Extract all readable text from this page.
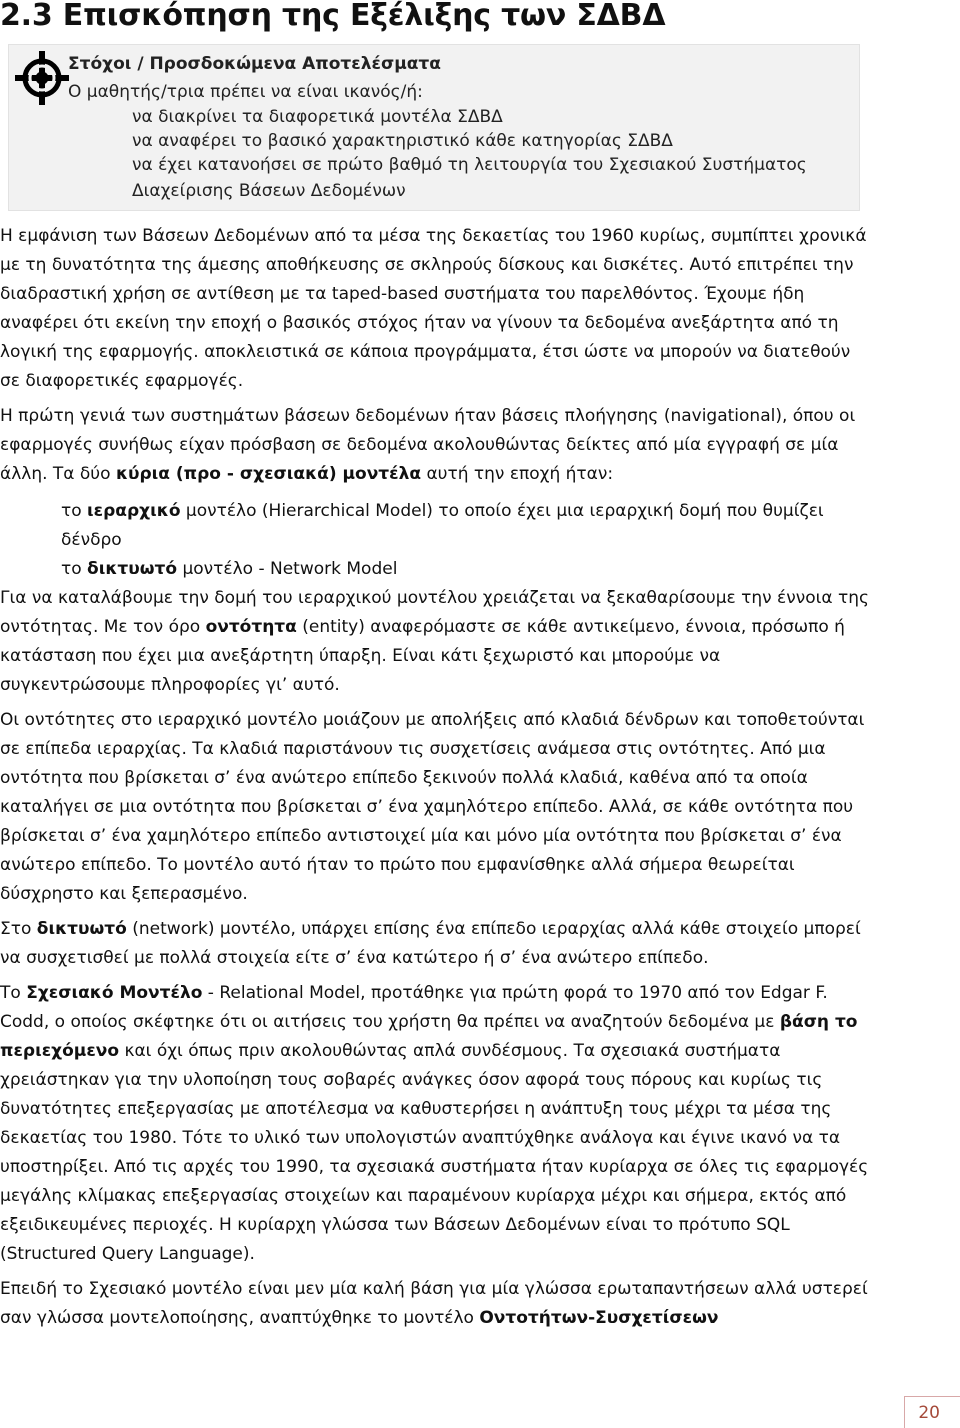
2.3 Επισκόπηση της Εξέλιξης των ΣΔΒΔ
Στόχοι / Προσδοκώμενα Αποτελέσματα
Ο μαθητής/τρια πρέπει να είναι ικανός/ή:
να διακρίνει τα διαφορετικά μοντέλα ΣΔΒΔ
να αναφέρει το βασικό χαρακτηριστικό κάθε κατηγορίας ΣΔΒΔ
να έχει κατανοήσει σε πρώτο βαθμό τη λειτουργία του Σχεσιακού Συστήματος Διαχείρισης Βάσεων Δεδομένων

Η εμφάνιση των Βάσεων Δεδομένων από τα μέσα της δεκαετίας του 1960 κυρίως, συμπίπτει χρονικά με τη δυνατότητα της άμεσης αποθήκευσης σε σκληρούς δίσκους και δισκέτες. Αυτό επιτρέπει την διαδραστική χρήση σε αντίθεση με τα taped-based συστήματα του παρελθόντος. Έχουμε ήδη αναφέρει ότι εκείνη την εποχή ο βασικός στόχος ήταν να γίνουν τα δεδομένα ανεξάρτητα από τη λογική της εφαρμογής. αποκλειστικά σε κάποια προγράμματα, έτσι ώστε να μπορούν να διατεθούν σε διαφορετικές εφαρμογές.

Η πρώτη γενιά των συστημάτων βάσεων δεδομένων ήταν βάσεις πλοήγησης (navigational), όπου οι εφαρμογές συνήθως είχαν πρόσβαση σε δεδομένα ακολουθώντας δείκτες από μία εγγραφή σε μία άλλη. Τα δύο κύρια (προ - σχεσιακά) μοντέλα αυτή την εποχή ήταν:

το ιεραρχικό μοντέλο (Hierarchical Model) το οποίο έχει μια ιεραρχική δομή που θυμίζει δένδρο

το δικτυωτό μοντέλο - Network Model

Για να καταλάβουμε την δομή του ιεραρχικού μοντέλου χρειάζεται να ξεκαθαρίσουμε την έννοια της οντότητας. Με τον όρο οντότητα (entity) αναφερόμαστε σε κάθε αντικείμενο, έννοια, πρόσωπο ή κατάσταση που έχει μια ανεξάρτητη ύπαρξη. Είναι κάτι ξεχωριστό και μπορούμε να συγκεντρώσουμε πληροφορίες γι’ αυτό.

Οι οντότητες στο ιεραρχικό μοντέλο μοιάζουν με απολήξεις από κλαδιά δένδρων και τοποθετούνται σε επίπεδα ιεραρχίας. Τα κλαδιά παριστάνουν τις συσχετίσεις ανάμεσα στις οντότητες. Από μια οντότητα που βρίσκεται σ’ ένα ανώτερο επίπεδο ξεκινούν πολλά κλαδιά, καθένα από τα οποία καταλήγει σε μια οντότητα που βρίσκεται σ’ ένα χαμηλότερο επίπεδο. Αλλά, σε κάθε οντότητα που βρίσκεται σ’ ένα χαμηλότερο επίπεδο αντιστοιχεί μία και μόνο μία οντότητα που βρίσκεται σ’ ένα ανώτερο επίπεδο. Το μοντέλο αυτό ήταν το πρώτο που εμφανίσθηκε αλλά σήμερα θεωρείται δύσχρηστο και ξεπερασμένο.

Στο δικτυωτό (network) μοντέλο, υπάρχει επίσης ένα επίπεδο ιεραρχίας αλλά κάθε στοιχείο μπορεί να συσχετισθεί με πολλά στοιχεία είτε σ’ ένα κατώτερο ή σ’ ένα ανώτερο επίπεδο.

Το Σχεσιακό Μοντέλο - Relational Model, προτάθηκε για πρώτη φορά το 1970 από τον Edgar F. Codd, ο οποίος σκέφτηκε ότι οι αιτήσεις του χρήστη θα πρέπει να αναζητούν δεδομένα με βάση το περιεχόμενο και όχι όπως πριν ακολουθώντας απλά συνδέσμους. Τα σχεσιακά συστήματα χρειάστηκαν για την υλοποίηση τους σοβαρές ανάγκες όσον αφορά τους πόρους και κυρίως τις δυνατότητες επεξεργασίας με αποτέλεσμα να καθυστερήσει η ανάπτυξη τους μέχρι τα μέσα της δεκαετίας του 1980. Τότε το υλικό των υπολογιστών αναπτύχθηκε ανάλογα και έγινε ικανό να τα υποστηρίξει. Από τις αρχές του 1990, τα σχεσιακά συστήματα ήταν κυρίαρχα σε όλες τις εφαρμογές μεγάλης κλίμακας επεξεργασίας στοιχείων και παραμένουν κυρίαρχα μέχρι και σήμερα, εκτός από εξειδικευμένες περιοχές. Η κυρίαρχη γλώσσα των Βάσεων Δεδομένων είναι το πρότυπο SQL (Structured Query Language).

Επειδή το Σχεσιακό μοντέλο είναι μεν μία καλή βάση για μία γλώσσα ερωταπαντήσεων αλλά υστερεί σαν γλώσσα μοντελοποίησης, αναπτύχθηκε το μοντέλο Οντοτήτων-Συσχετίσεων

20
